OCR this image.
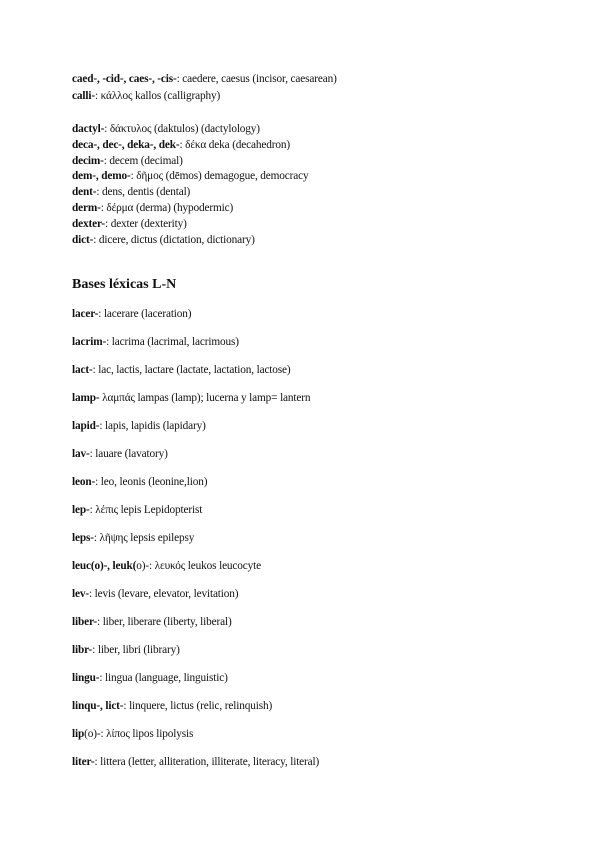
caed-, -cid-, caes-, -cis-: caedere, caesus (incisor, caesarean)
calli-: κάλλος kallos (calligraphy)
dactyl-: δάκτυλος (daktulos) (dactylology)
deca-, dec-, deka-, dek-: δέκα deka (decahedron)
decim-: decem (decimal)
dem-, demo-: δῆμος (dēmos) demagogue, democracy
dent-: dens, dentis (dental)
derm-: δέρμα (derma) (hypodermic)
dexter-: dexter (dexterity)
dict-: dicere, dictus (dictation, dictionary)
Bases léxicas L-N
lacer-: lacerare (laceration)
lacrim-: lacrima (lacrimal, lacrimous)
lact-: lac, lactis, lactare (lactate, lactation, lactose)
lamp- λαμπάς lampas (lamp); lucerna y lamp= lantern
lapid-: lapis, lapidis (lapidary)
lav-: lauare (lavatory)
leon-: leo, leonis (leonine,lion)
lep-: λέπις lepis Lepidopterist
leps-: λῆψης lepsis epilepsy
leuc(o)-, leuk(o)-: λευκός leukos leucocyte
lev-: levis (levare, elevator, levitation)
liber-: liber, liberare (liberty, liberal)
libr-: liber, libri (library)
lingu-: lingua (language, linguistic)
linqu-, lict-: linquere, lictus (relic, relinquish)
lip(o)-: λίπος lipos lipolysis
liter-: littera (letter, alliteration, illiterate, literacy, literal)
